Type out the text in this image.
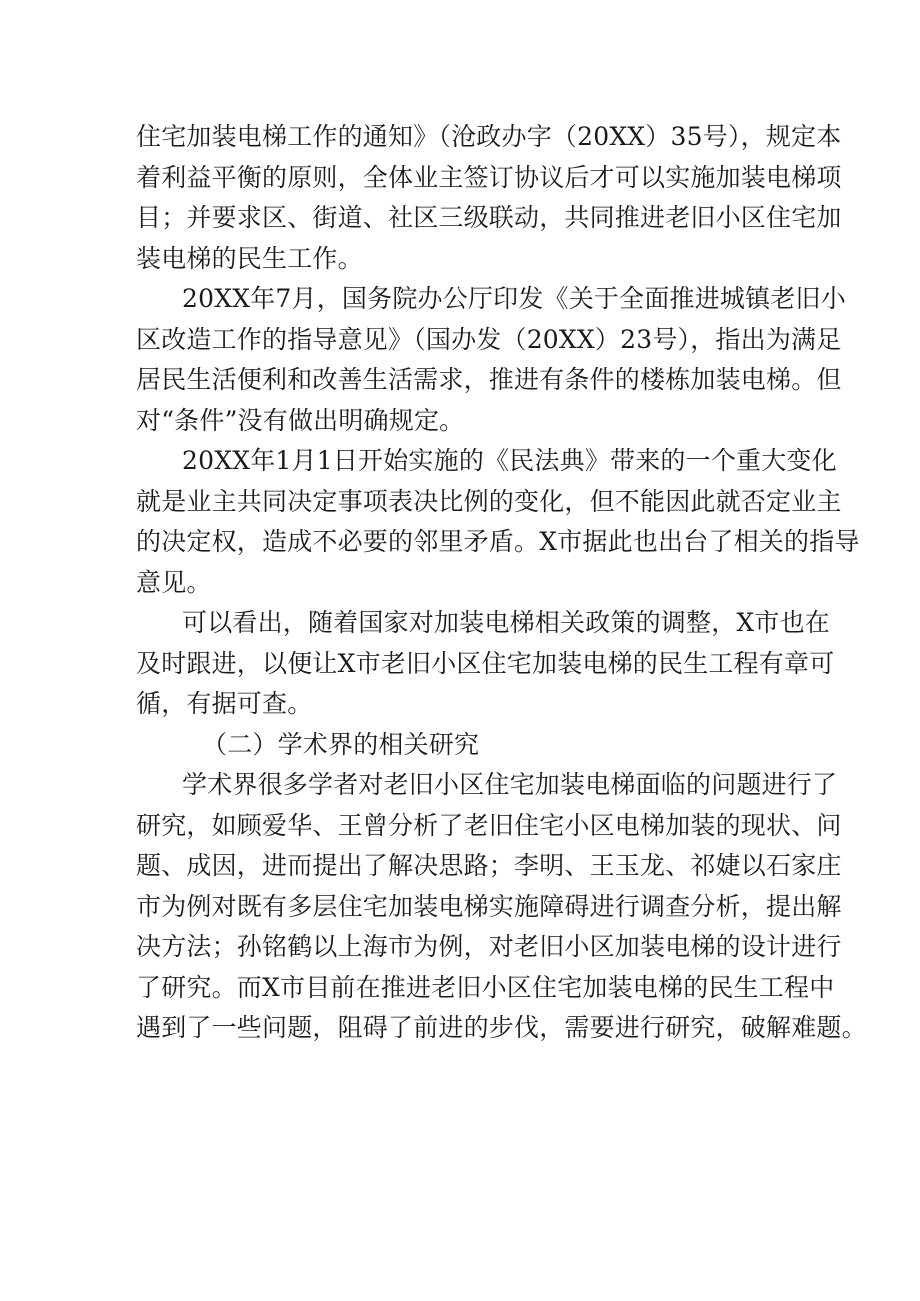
住宅加装电梯工作的通知》（沧政办字（20XX）35号），规定本
着利益平衡的原则，全体业主签订协议后才可以实施加装电梯项
目；并要求区、街道、社区三级联动，共同推进老旧小区住宅加
装电梯的民生工作。
20XX年7月，国务院办公厅印发《关于全面推进城镇老旧小
区改造工作的指导意见》（国办发（20XX）23号），指出为满足
居民生活便利和改善生活需求，推进有条件的楼栋加装电梯。但
对“条件”没有做出明确规定。
20XX年1月1日开始实施的《民法典》带来的一个重大变化
就是业主共同决定事项表决比例的变化，但不能因此就否定业主
的决定权，造成不必要的邻里矛盾。X市据此也出台了相关的指导
意见。
可以看出，随着国家对加装电梯相关政策的调整，X市也在
及时跟进，以便让X市老旧小区住宅加装电梯的民生工程有章可
循，有据可查。
（二）学术界的相关研究
学术界很多学者对老旧小区住宅加装电梯面临的问题进行了
研究，如顾爱华、王曾分析了老旧住宅小区电梯加装的现状、问
题、成因，进而提出了解决思路；李明、王玉龙、祁婕以石家庄
市为例对既有多层住宅加装电梯实施障碍进行调查分析，提出解
决方法；孙铭鹤以上海市为例，对老旧小区加装电梯的设计进行
了研究。而X市目前在推进老旧小区住宅加装电梯的民生工程中
遇到了一些问题，阻碍了前进的步伐，需要进行研究，破解难题。
